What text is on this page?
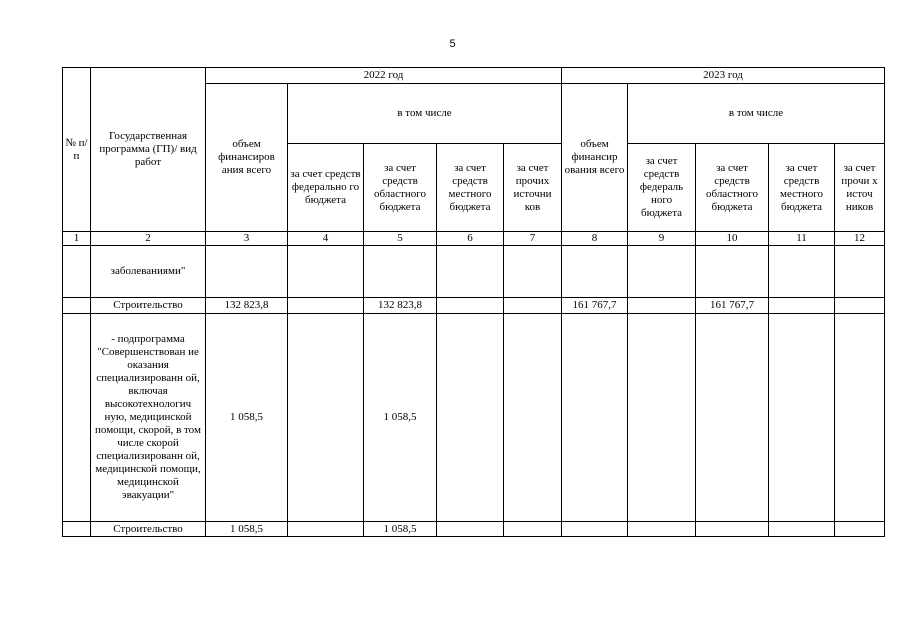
5
№ п/п	Государственная программа (ГП)/ вид работ	2022 год					2023 год				
		объем финансиров ания всего	в том числе				объем финансир ования всего	в том числе			
			за счет средств федерально го бюджета	за счет средств областного бюджета	за счет средств местного бюджета	за счет прочих источни ков		за счет средств федераль ного бюджета	за счет средств областного бюджета	за счет средств местного бюджета	за счет прочи х источ ников
1	2	3	4	5	6	7	8	9	10	11	12
	заболеваниями"										
	Строительство	132 823,8		132 823,8			161 767,7		161 767,7		
	- подпрограмма "Совершенствован ие оказания специализированн ой, включая высокотехнологич ную, медицинской помощи, скорой, в том числе скорой специализированн ой, медицинской помощи, медицинской эвакуации"	1 058,5		1 058,5							
	Строительство	1 058,5		1 058,5							
